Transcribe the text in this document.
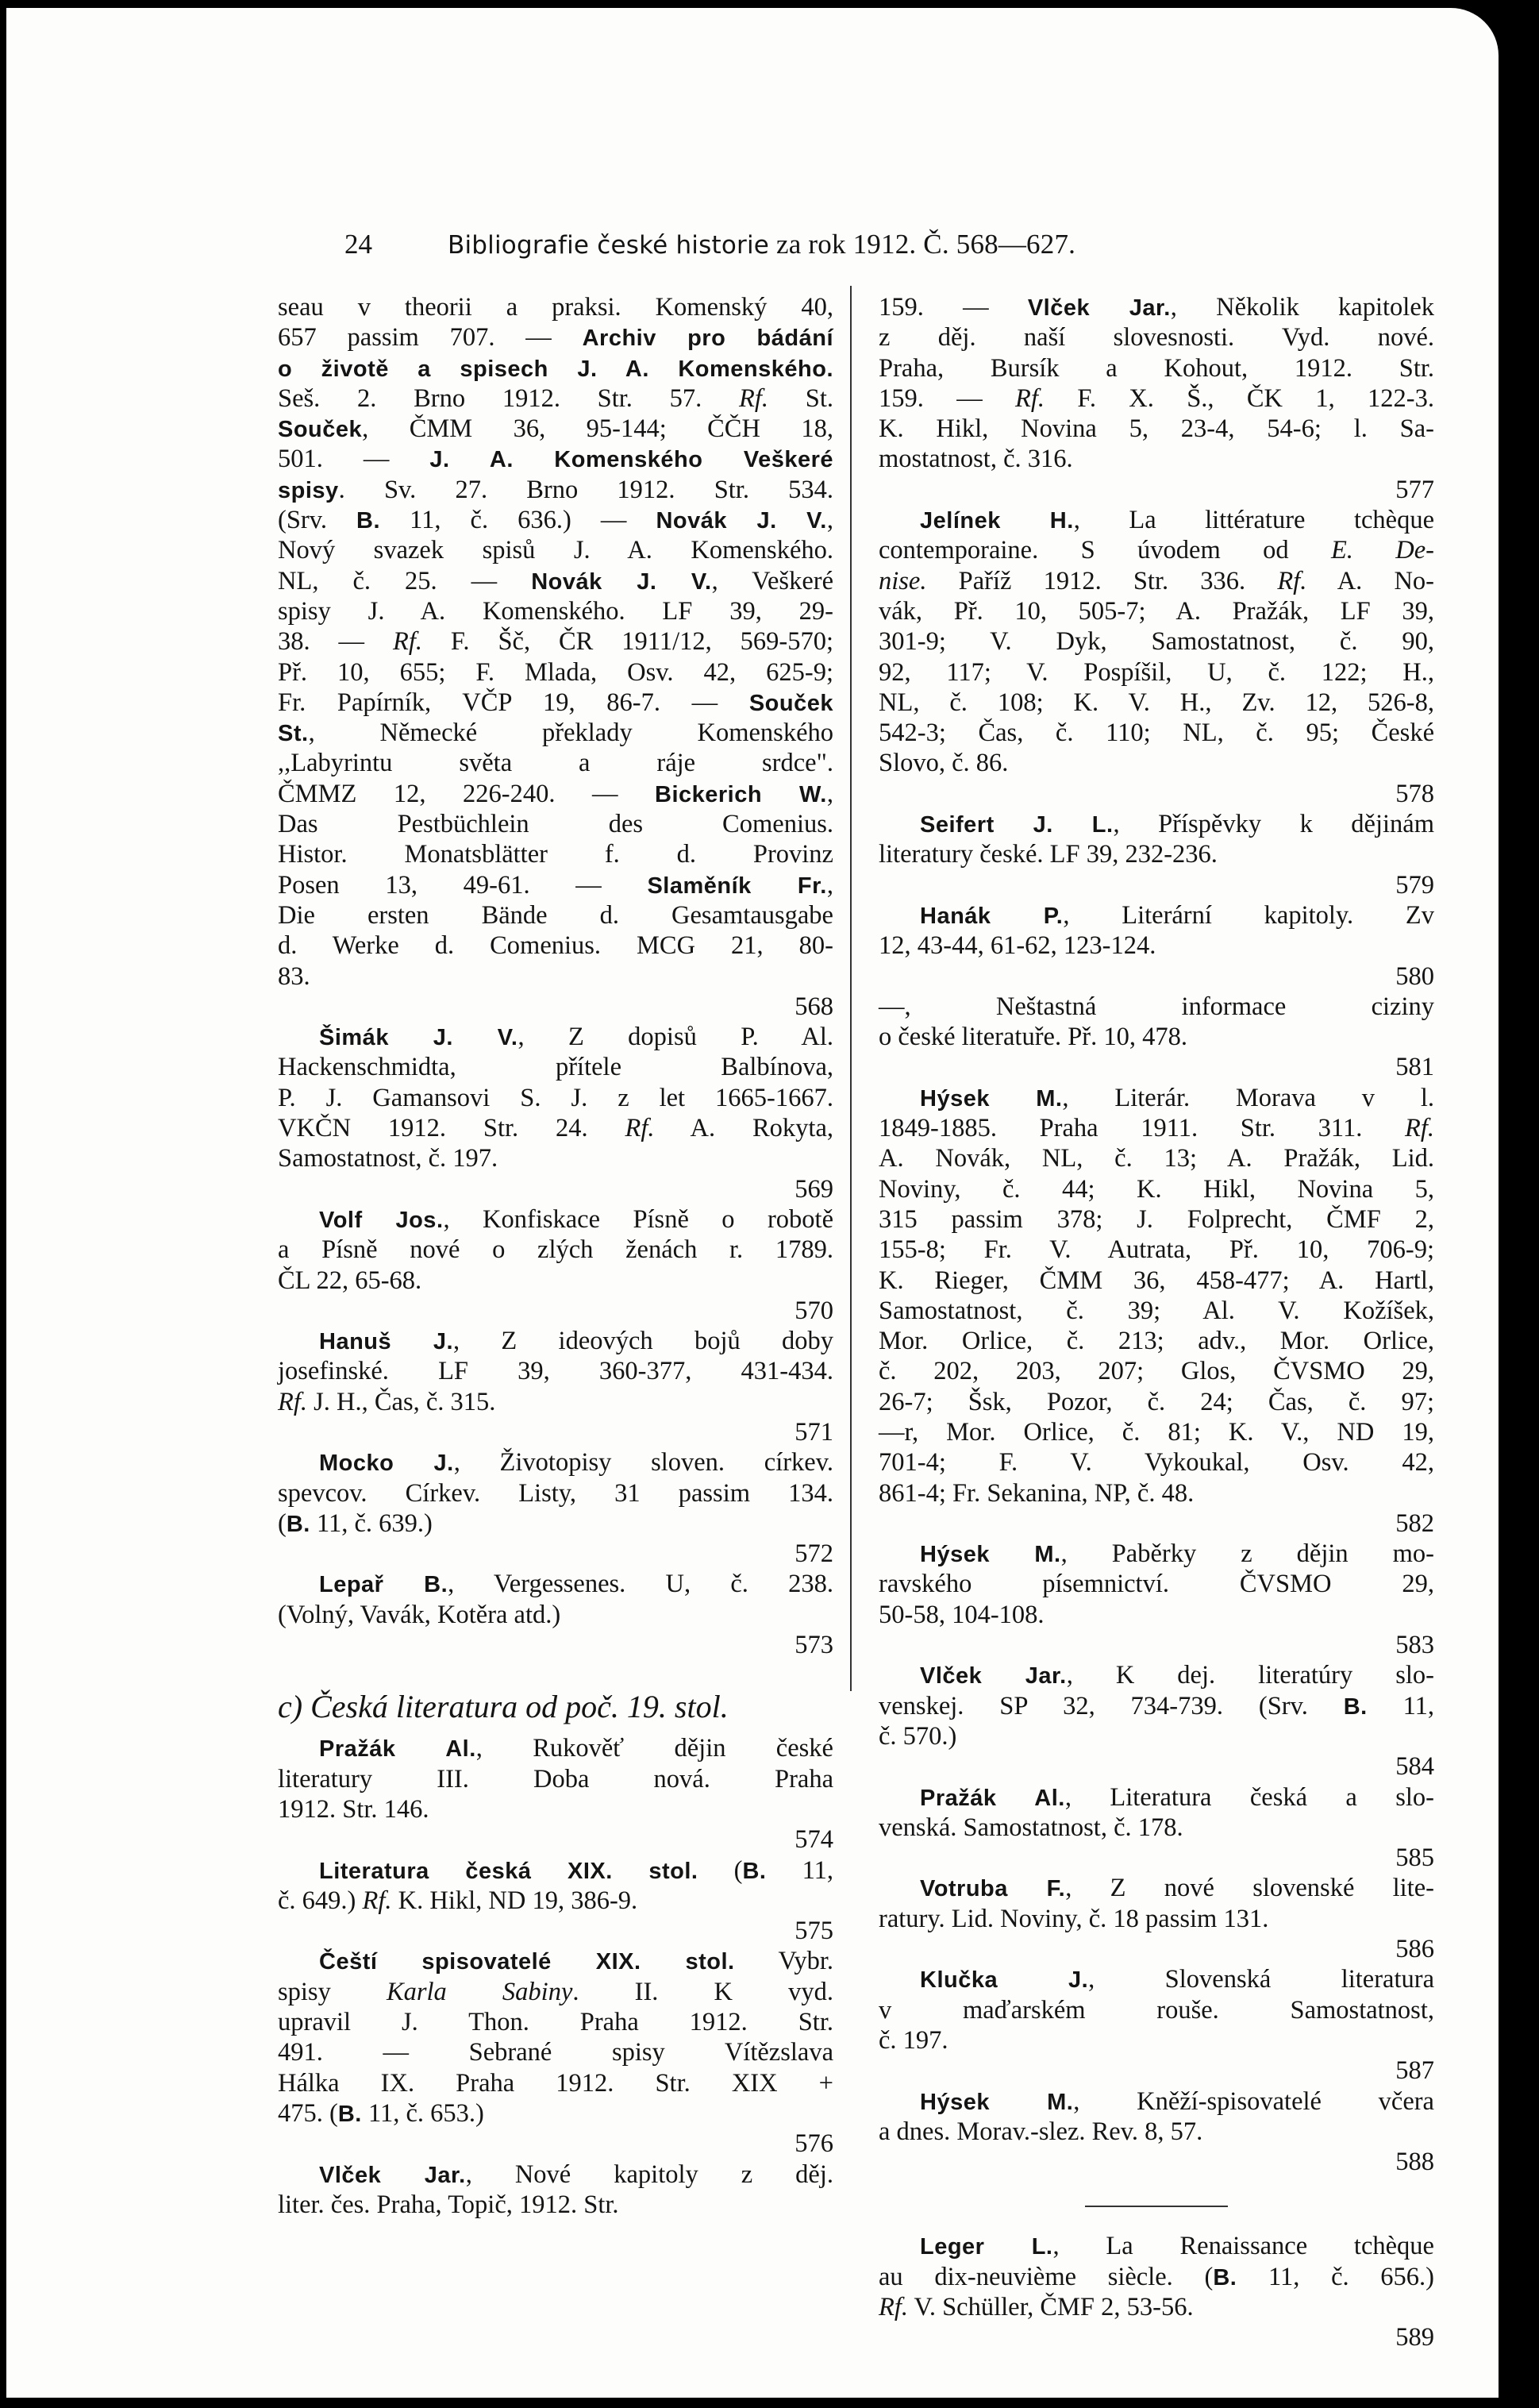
24	Bibliografie české historie za rok 1912. Č. 568—627.
seau v theorii a praksi. Komenský 40,
657 passim 707. — Archiv pro bádání
o životě a spisech J. A. Komenského.
Seš. 2. Brno 1912. Str. 57. Rf. St.
Souček, ČMM 36, 95-144; ČČH 18,
501. — J. A. Komenského Veškeré
spisy. Sv. 27. Brno 1912. Str. 534.
(Srv. B. 11, č. 636.) — Novák J. V.,
Nový svazek spisů J. A. Komenského.
NL, č. 25. — Novák J. V., Veškeré
spisy J. A. Komenského. LF 39, 29-
38. — Rf. F. Šč, ČR 1911/12, 569-570;
Př. 10, 655; F. Mlada, Osv. 42, 625-9;
Fr. Papírník, VČP 19, 86-7. — Souček
St., Německé překlady Komenského
,,Labyrintu světa a ráje srdce".
ČMMZ 12, 226-240. — Bickerich W.,
Das Pestbüchlein des Comenius.
Histor. Monatsblätter f. d. Provinz
Posen 13, 49-61. — Slaměník Fr.,
Die ersten Bände d. Gesamtausgabe
d. Werke d. Comenius. MCG 21, 80-
83.
568
Šimák J. V., Z dopisů P. Al.
Hackenschmidta, přítele Balbínova,
P. J. Gamansovi S. J. z let 1665-1667.
VKČN 1912. Str. 24. Rf. A. Rokyta,
Samostatnost, č. 197.
569
Volf Jos., Konfiskace Písně o robotě
a Písně nové o zlých ženách r. 1789.
ČL 22, 65-68.
570
Hanuš J., Z ideových bojů doby
josefinské. LF 39, 360-377, 431-434.
Rf. J. H., Čas, č. 315.
571
Mocko J., Životopisy sloven. církev.
spevcov. Církev. Listy, 31 passim 134.
(B. 11, č. 639.)
572
Lepař B., Vergessenes. U, č. 238.
(Volný, Vavák, Kotěra atd.)
573
c) Česká literatura od poč. 19. stol.
Pražák Al., Rukověť dějin české
literatury III. Doba nová. Praha
1912. Str. 146.
574
Literatura česká XIX. stol. (B. 11,
č. 649.) Rf. K. Hikl, ND 19, 386-9.
575
Čeští spisovatelé XIX. stol. Vybr.
spisy Karla Sabiny. II. K vyd.
upravil J. Thon. Praha 1912. Str.
491. — Sebrané spisy Vítězslava
Hálka IX. Praha 1912. Str. XIX +
475. (B. 11, č. 653.)
576
Vlček Jar., Nové kapitoly z děj.
liter. čes. Praha, Topič, 1912. Str.
159. — Vlček Jar., Několik kapitolek
z děj. naší slovesnosti. Vyd. nové.
Praha, Bursík a Kohout, 1912. Str.
159. — Rf. F. X. Š., ČK 1, 122-3.
K. Hikl, Novina 5, 23-4, 54-6; l. Sa-
mostatnost, č. 316.
577
Jelínek H., La littérature tchèque
contemporaine. S úvodem od E. De-
nise. Paříž 1912. Str. 336. Rf. A. No-
vák, Př. 10, 505-7; A. Pražák, LF 39,
301-9; V. Dyk, Samostatnost, č. 90,
92, 117; V. Pospíšil, U, č. 122; H.,
NL, č. 108; K. V. H., Zv. 12, 526-8,
542-3; Čas, č. 110; NL, č. 95; České
Slovo, č. 86.
578
Seifert J. L., Příspěvky k dějinám
literatury české. LF 39, 232-236.
579
Hanák P., Literární kapitoly. Zv
12, 43-44, 61-62, 123-124.
580
—, Neštastná informace ciziny
o české literatuře. Př. 10, 478.
581
Hýsek M., Literár. Morava v l.
1849-1885. Praha 1911. Str. 311. Rf.
A. Novák, NL, č. 13; A. Pražák, Lid.
Noviny, č. 44; K. Hikl, Novina 5,
315 passim 378; J. Folprecht, ČMF 2,
155-8; Fr. V. Autrata, Př. 10, 706-9;
K. Rieger, ČMM 36, 458-477; A. Hartl,
Samostatnost, č. 39; Al. V. Kožíšek,
Mor. Orlice, č. 213; adv., Mor. Orlice,
č. 202, 203, 207; Glos, ČVSMO 29,
26-7; Šsk, Pozor, č. 24; Čas, č. 97;
—r, Mor. Orlice, č. 81; K. V., ND 19,
701-4; F. V. Vykoukal, Osv. 42,
861-4; Fr. Sekanina, NP, č. 48.
582
Hýsek M., Paběrky z dějin mo-
ravského písemnictví. ČVSMO 29,
50-58, 104-108.
583
Vlček Jar., K dej. literatúry slo-
venskej. SP 32, 734-739. (Srv. B. 11,
č. 570.)
584
Pražák Al., Literatura česká a slo-
venská. Samostatnost, č. 178.
585
Votruba F., Z nové slovenské lite-
ratury. Lid. Noviny, č. 18 passim 131.
586
Klučka J., Slovenská literatura
v maďarském rouše. Samostatnost,
č. 197.
587
Hýsek M., Kněží-spisovatelé včera
a dnes. Morav.-slez. Rev. 8, 57.
588
Leger L., La Renaissance tchèque
au dix-neuvième siècle. (B. 11, č. 656.)
Rf. V. Schüller, ČMF 2, 53-56.
589
